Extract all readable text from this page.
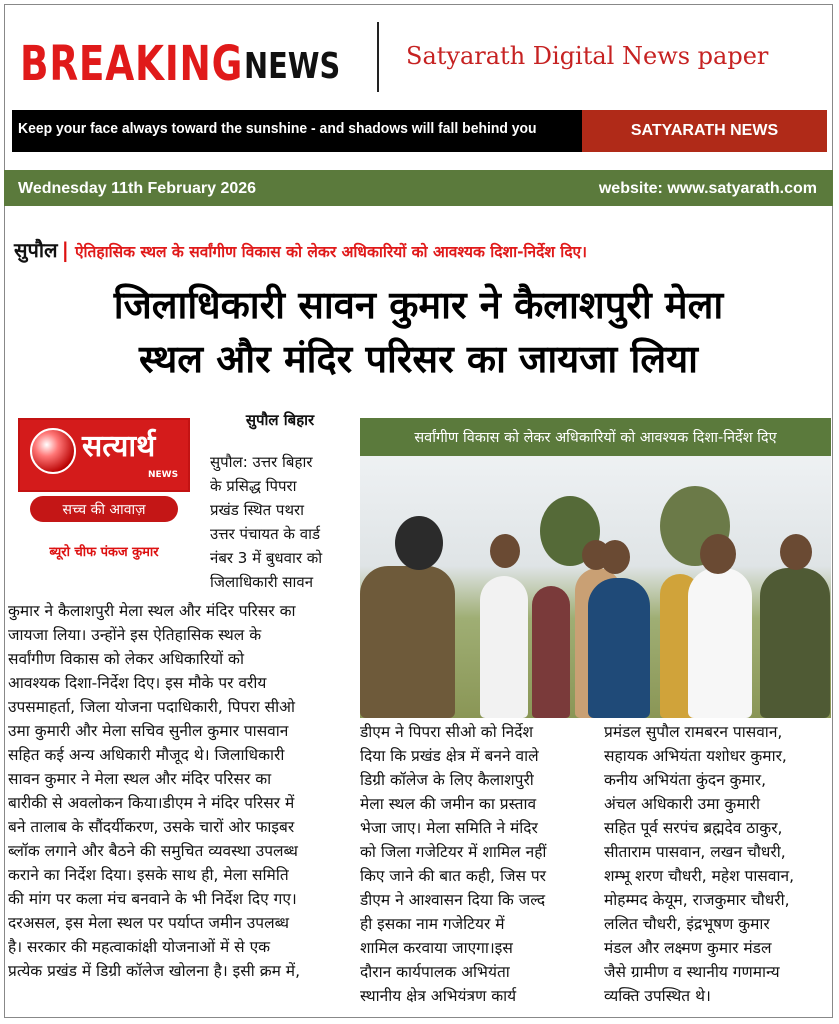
BREAKING NEWS	Satyarath Digital News paper
Keep your face always toward the sunshine - and shadows will fall behind you	SATYARATH NEWS
Wednesday 11th February 2026	website: www.satyarath.com
सुपौल | ऐतिहासिक स्थल के सर्वांगीण विकास को लेकर अधिकारियों को आवश्यक दिशा-निर्देश दिए।
जिलाधिकारी सावन कुमार ने कैलाशपुरी मेला
स्थल और मंदिर परिसर का जायजा लिया
सत्यार्थ
NEWS
सच्च की आवाज़
ब्यूरो चीफ पंकज कुमार
सुपौल बिहार
सुपौल: उत्तर बिहार
के प्रसिद्ध पिपरा
प्रखंड स्थित पथरा
उत्तर पंचायत के वार्ड
नंबर 3 में बुधवार को
जिलाधिकारी सावन
कुमार ने कैलाशपुरी मेला स्थल और मंदिर परिसर का
जायजा लिया। उन्होंने इस ऐतिहासिक स्थल के
सर्वांगीण विकास को लेकर अधिकारियों को
आवश्यक दिशा-निर्देश दिए। इस मौके पर वरीय
उपसमाहर्ता, जिला योजना पदाधिकारी, पिपरा सीओ
उमा कुमारी और मेला सचिव सुनील कुमार पासवान
सहित कई अन्य अधिकारी मौजूद थे। जिलाधिकारी
सावन कुमार ने मेला स्थल और मंदिर परिसर का
बारीकी से अवलोकन किया।डीएम ने मंदिर परिसर में
बने तालाब के सौंदर्यीकरण, उसके चारों ओर फाइबर
ब्लॉक लगाने और बैठने की समुचित व्यवस्था उपलब्ध
कराने का निर्देश दिया। इसके साथ ही, मेला समिति
की मांग पर कला मंच बनवाने के भी निर्देश दिए गए।
दरअसल, इस मेला स्थल पर पर्याप्त जमीन उपलब्ध
है। सरकार की महत्वाकांक्षी योजनाओं में से एक
प्रत्येक प्रखंड में डिग्री कॉलेज खोलना है। इसी क्रम में,
सर्वांगीण विकास को लेकर अधिकारियों को आवश्यक दिशा-निर्देश दिए
डीएम ने पिपरा सीओ को निर्देश
दिया कि प्रखंड क्षेत्र में बनने वाले
डिग्री कॉलेज के लिए कैलाशपुरी
मेला स्थल की जमीन का प्रस्ताव
भेजा जाए। मेला समिति ने मंदिर
को जिला गजेटियर में शामिल नहीं
किए जाने की बात कही, जिस पर
डीएम ने आश्वासन दिया कि जल्द
ही इसका नाम गजेटियर में
शामिल करवाया जाएगा।इस
दौरान कार्यपालक अभियंता
स्थानीय क्षेत्र अभियंत्रण कार्य
प्रमंडल सुपौल रामबरन पासवान,
सहायक अभियंता यशोधर कुमार,
कनीय अभियंता कुंदन कुमार,
अंचल अधिकारी उमा कुमारी
सहित पूर्व सरपंच ब्रह्मदेव ठाकुर,
सीताराम पासवान, लखन चौधरी,
शम्भू शरण चौधरी, महेश पासवान,
मोहम्मद केयूम, राजकुमार चौधरी,
ललित चौधरी, इंद्रभूषण कुमार
मंडल और लक्ष्मण कुमार मंडल
जैसे ग्रामीण व स्थानीय गणमान्य
व्यक्ति उपस्थित थे।
